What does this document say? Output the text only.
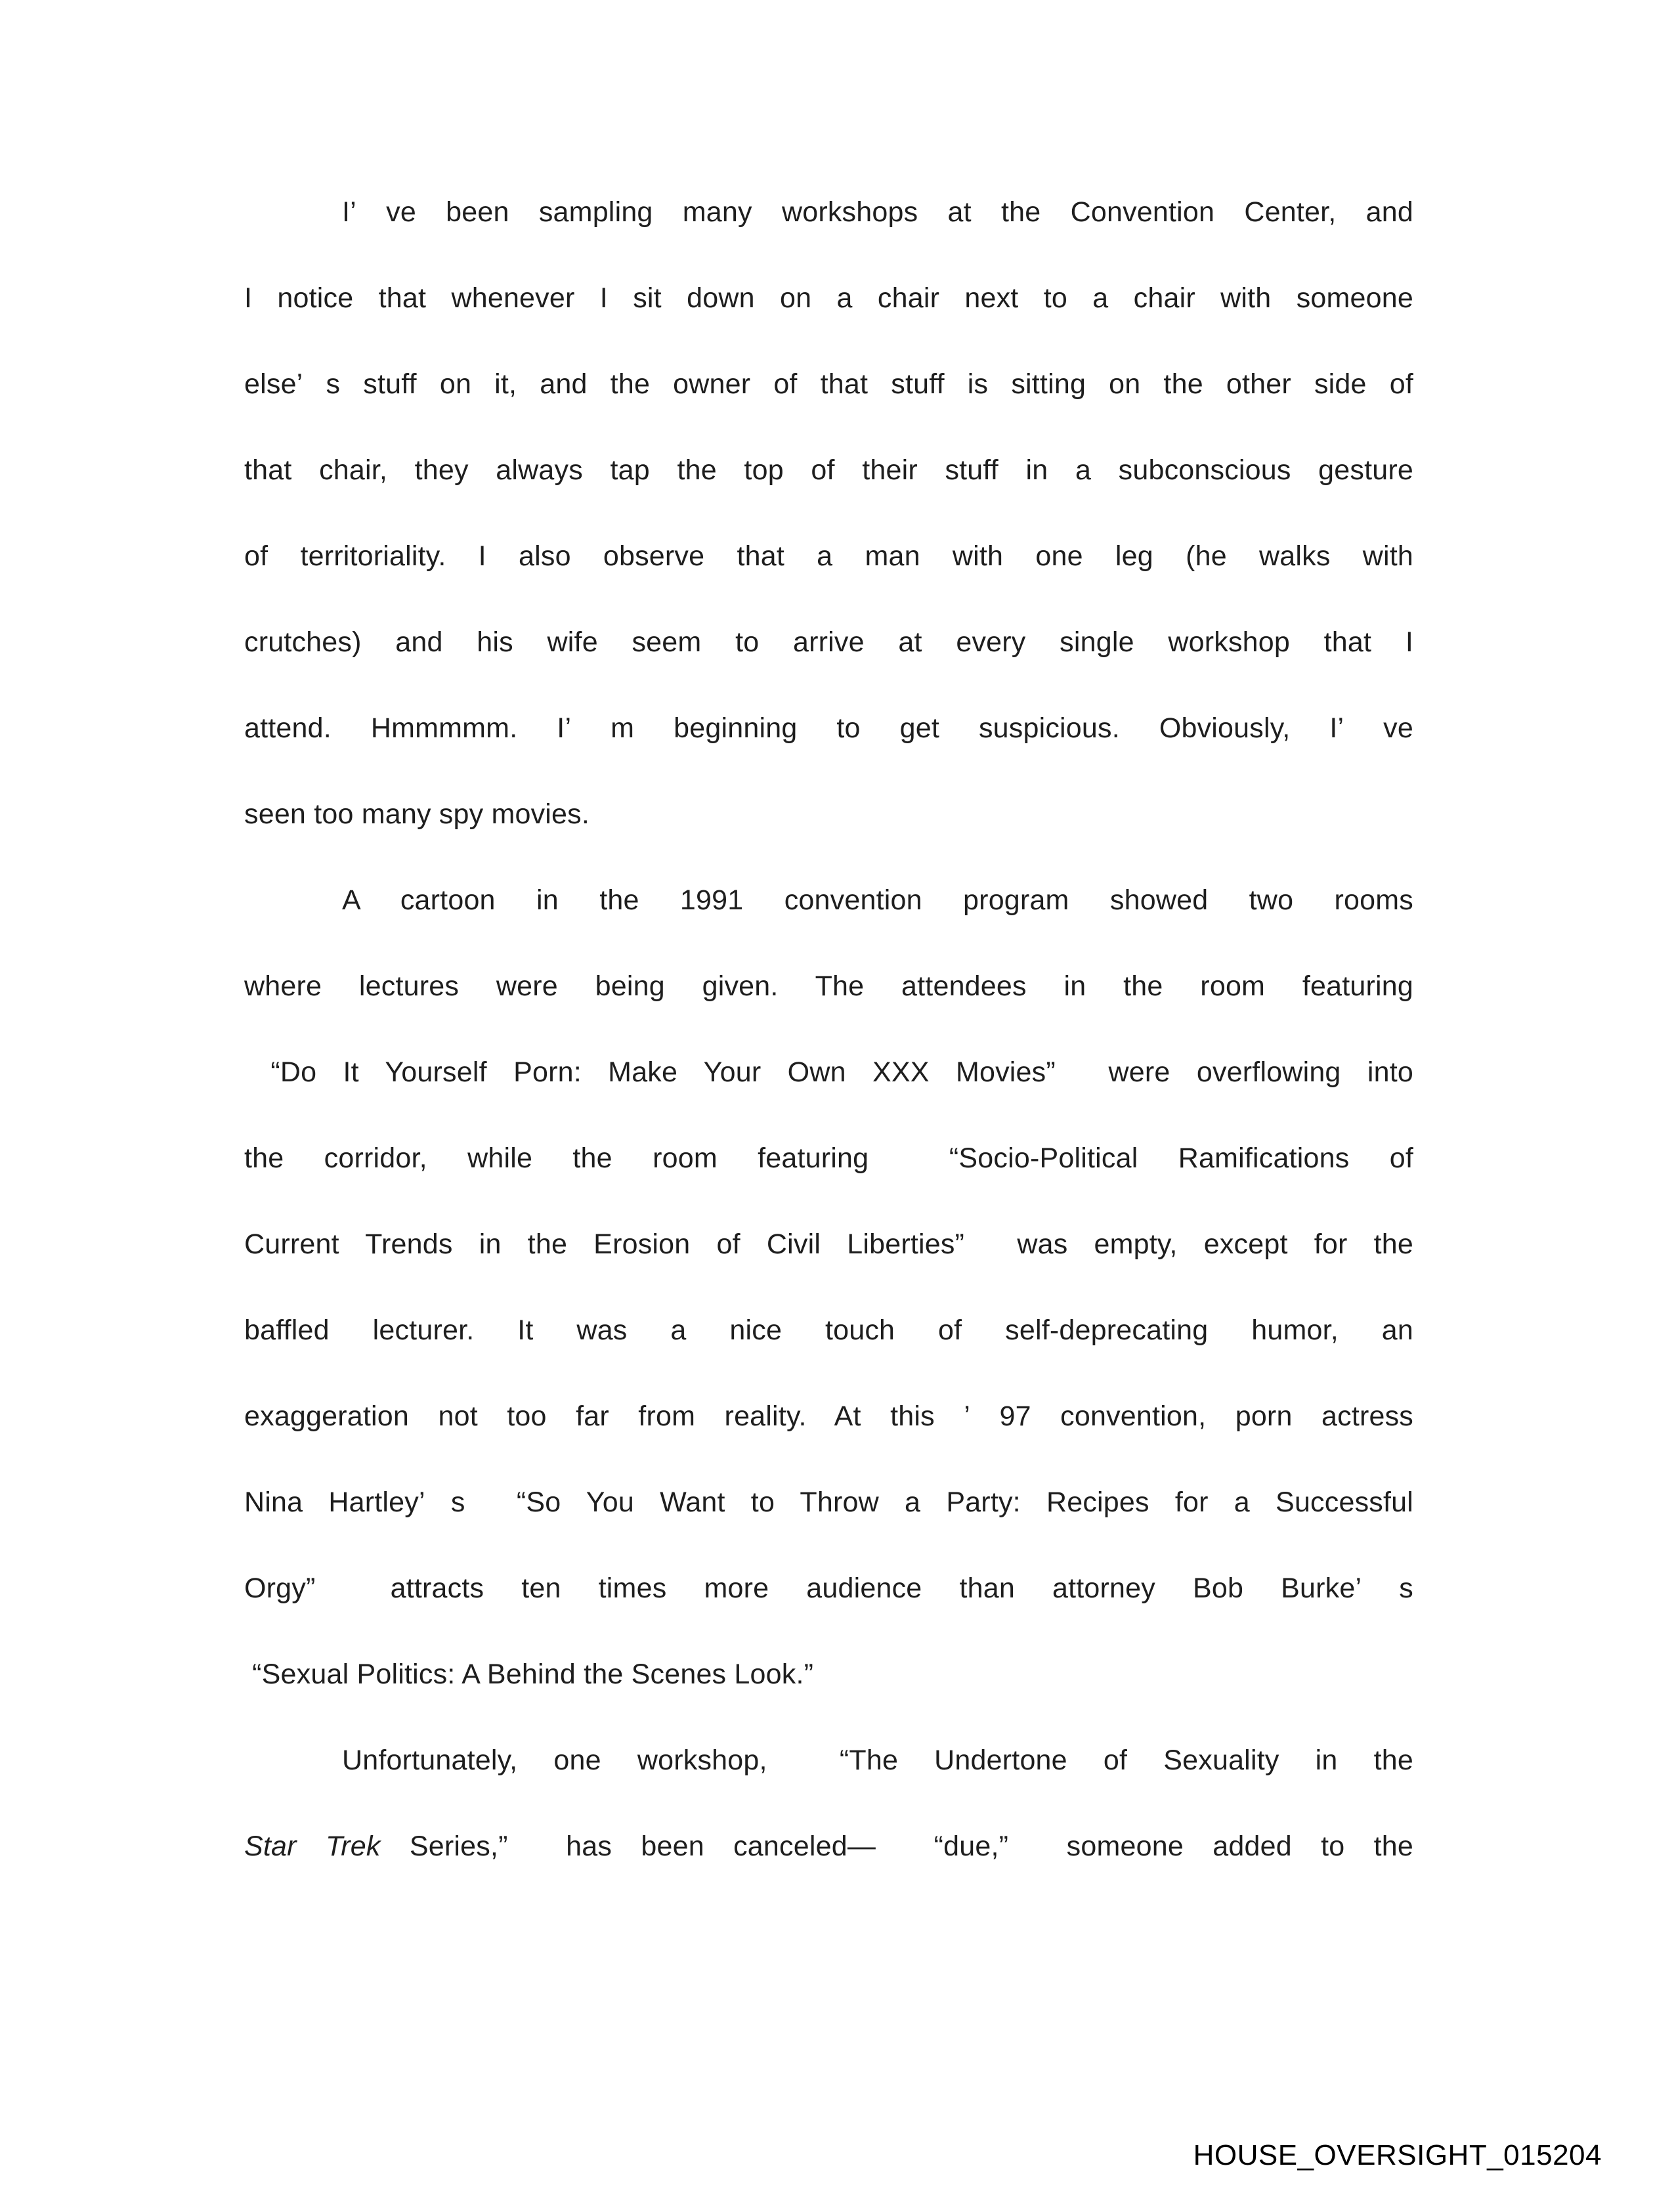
I’ ve been sampling many workshops at the Convention Center, and
I notice that whenever I sit down on a chair next to a chair with someone
else’ s stuff on it, and the owner of that stuff is sitting on the other side of
that chair, they always tap the top of their stuff in a subconscious gesture
of territoriality. I also observe that a man with one leg (he walks with
crutches) and his wife seem to arrive at every single workshop that I
attend. Hmmmmm. I’ m beginning to get suspicious. Obviously, I’ ve
seen too many spy movies.
A cartoon in the 1991 convention program showed two rooms
where lectures were being given. The attendees in the room featuring
“Do It Yourself Porn: Make Your Own XXX Movies”  were overflowing into
the corridor, while the room featuring  “Socio-Political Ramifications of
Current Trends in the Erosion of Civil Liberties”  was empty, except for the
baffled lecturer. It was a nice touch of self-deprecating humor, an
exaggeration not too far from reality. At this ’ 97 convention, porn actress
Nina Hartley’ s  “So You Want to Throw a Party: Recipes for a Successful
Orgy”  attracts ten times more audience than attorney Bob Burke’ s
“Sexual Politics: A Behind the Scenes Look.”
Unfortunately, one workshop,  “The Undertone of Sexuality in the
Star Trek Series,”  has been canceled—  “due,”  someone added to the
HOUSE_OVERSIGHT_015204
